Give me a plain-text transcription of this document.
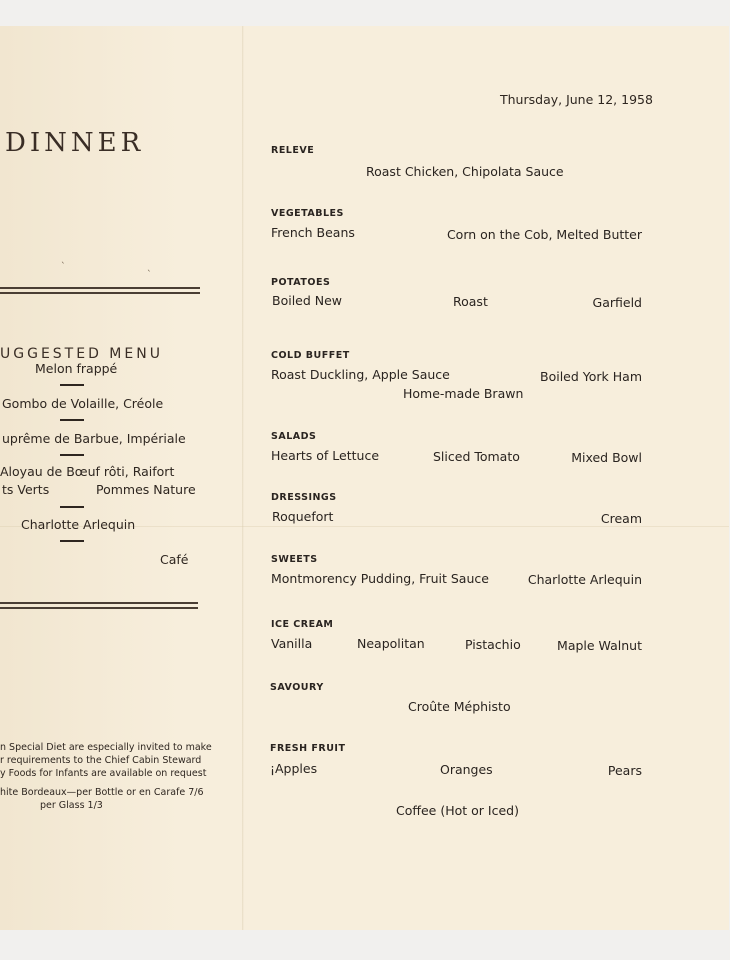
DINNER
ˋ
ˋ
UGGESTED MENU
Melon frappé
Gombo de Volaille, Créole
uprême de Barbue, Impériale
Aloyau de Bœuf rôti, Raifort
ts Verts	Pommes Nature
Charlotte Arlequin
Café
n Special Diet are especially invited to make
r requirements to the Chief Cabin Steward
y Foods for Infants are available on request
hite Bordeaux—per Bottle or en Carafe 7/6
per Glass 1/3
Thursday, June 12, 1958
RELEVE
Roast Chicken, Chipolata Sauce
VEGETABLES
French Beans	Corn on the Cob, Melted Butter
POTATOES
Boiled New	Roast	Garfield
COLD BUFFET
Roast Duckling, Apple Sauce	Boiled York Ham
Home-made Brawn
SALADS
Hearts of Lettuce	Sliced Tomato	Mixed Bowl
DRESSINGS
Roquefort	Cream
SWEETS
Montmorency Pudding, Fruit Sauce	Charlotte Arlequin
ICE CREAM
Vanilla	Neapolitan	Pistachio	Maple Walnut
SAVOURY
Croûte Méphisto
FRESH FRUIT
¡Apples	Oranges	Pears
Coffee (Hot or Iced)
